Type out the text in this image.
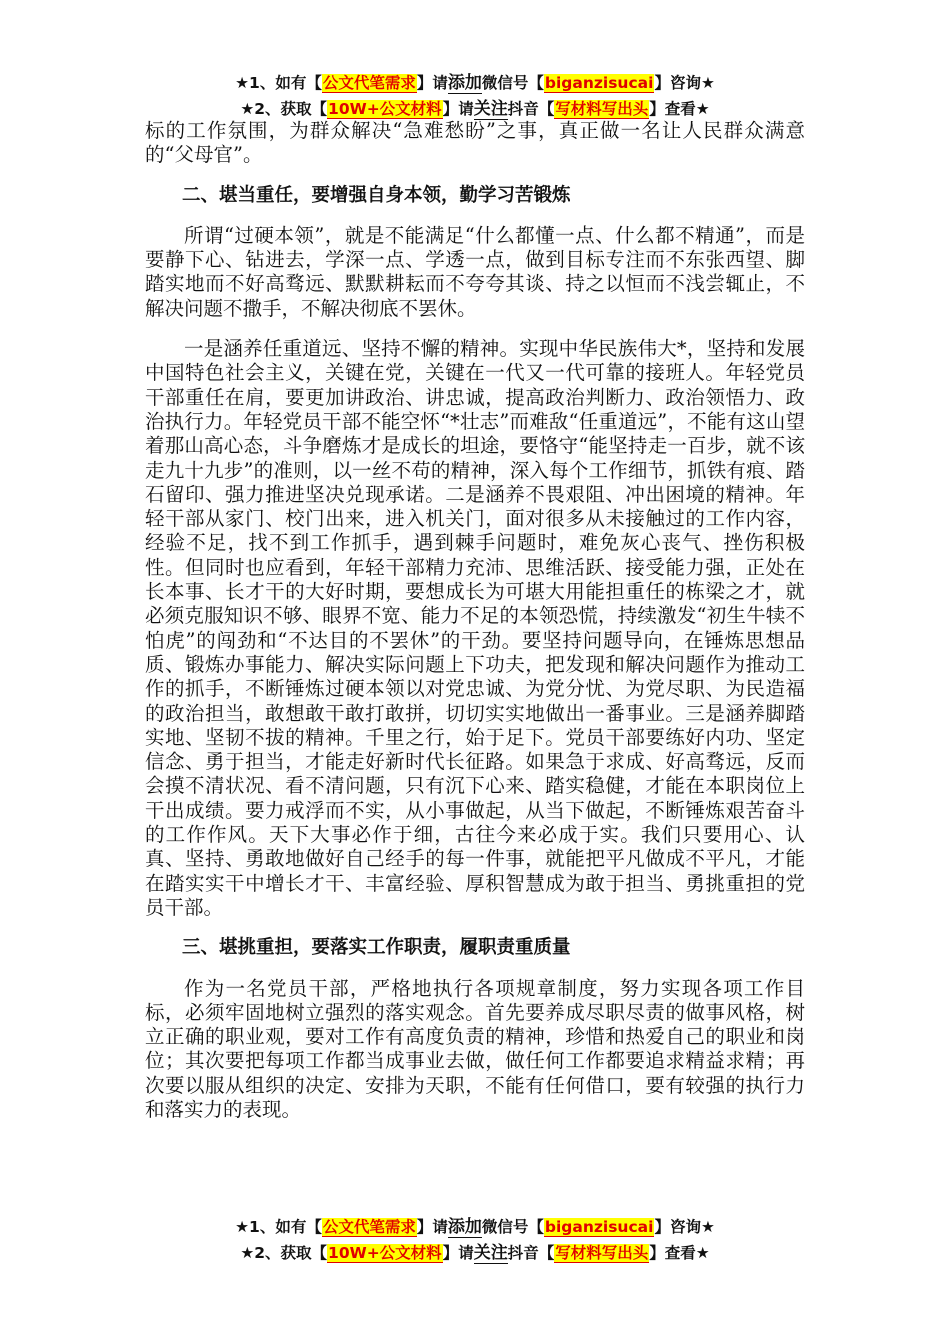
★1、如有【公文代笔需求】请添加微信号【biganzisucai】咨询★
★2、获取【10W+公文材料】请关注抖音【写材料写出头】查看★

标的工作氛围，为群众解决“急难愁盼”之事，真正做一名让人民群众满意的“父母官”。

二、堪当重任，要增强自身本领，勤学习苦锻炼

所谓“过硬本领”，就是不能满足“什么都懂一点、什么都不精通”，而是要静下心、钻进去，学深一点、学透一点，做到目标专注而不东张西望、脚踏实地而不好高骛远、默默耕耘而不夸夸其谈、持之以恒而不浅尝辄止，不解决问题不撒手，不解决彻底不罢休。

一是涵养任重道远、坚持不懈的精神。实现中华民族伟大*，坚持和发展中国特色社会主义，关键在党，关键在一代又一代可靠的接班人。年轻党员干部重任在肩，要更加讲政治、讲忠诚，提高政治判断力、政治领悟力、政治执行力。年轻党员干部不能空怀“*壮志”而难敌“任重道远”，不能有这山望着那山高心态，斗争磨炼才是成长的坦途，要恪守“能坚持走一百步，就不该走九十九步”的准则，以一丝不苟的精神，深入每个工作细节，抓铁有痕、踏石留印、强力推进坚决兑现承诺。二是涵养不畏艰阻、冲出困境的精神。年轻干部从家门、校门出来，进入机关门，面对很多从未接触过的工作内容，经验不足，找不到工作抓手，遇到棘手问题时，难免灰心丧气、挫伤积极性。但同时也应看到，年轻干部精力充沛、思维活跃、接受能力强，正处在长本事、长才干的大好时期，要想成长为可堪大用能担重任的栋梁之才，就必须克服知识不够、眼界不宽、能力不足的本领恐慌，持续激发“初生牛犊不怕虎”的闯劲和“不达目的不罢休”的干劲。要坚持问题导向，在锤炼思想品质、锻炼办事能力、解决实际问题上下功夫，把发现和解决问题作为推动工作的抓手，不断锤炼过硬本领以对党忠诚、为党分忧、为党尽职、为民造福的政治担当，敢想敢干敢打敢拼，切切实实地做出一番事业。三是涵养脚踏实地、坚韧不拔的精神。千里之行，始于足下。党员干部要练好内功、坚定信念、勇于担当，才能走好新时代长征路。如果急于求成、好高骛远，反而会摸不清状况、看不清问题，只有沉下心来、踏实稳健，才能在本职岗位上干出成绩。要力戒浮而不实，从小事做起，从当下做起，不断锤炼艰苦奋斗的工作作风。天下大事必作于细，古往今来必成于实。我们只要用心、认真、坚持、勇敢地做好自己经手的每一件事，就能把平凡做成不平凡，才能在踏实实干中增长才干、丰富经验、厚积智慧成为敢于担当、勇挑重担的党员干部。

三、堪挑重担，要落实工作职责，履职责重质量

作为一名党员干部，严格地执行各项规章制度，努力实现各项工作目标，必须牢固地树立强烈的落实观念。首先要养成尽职尽责的做事风格，树立正确的职业观，要对工作有高度负责的精神，珍惜和热爱自己的职业和岗位；其次要把每项工作都当成事业去做，做任何工作都要追求精益求精；再次要以服从组织的决定、安排为天职，不能有任何借口，要有较强的执行力和落实力的表现。

★1、如有【公文代笔需求】请添加微信号【biganzisucai】咨询★
★2、获取【10W+公文材料】请关注抖音【写材料写出头】查看★
